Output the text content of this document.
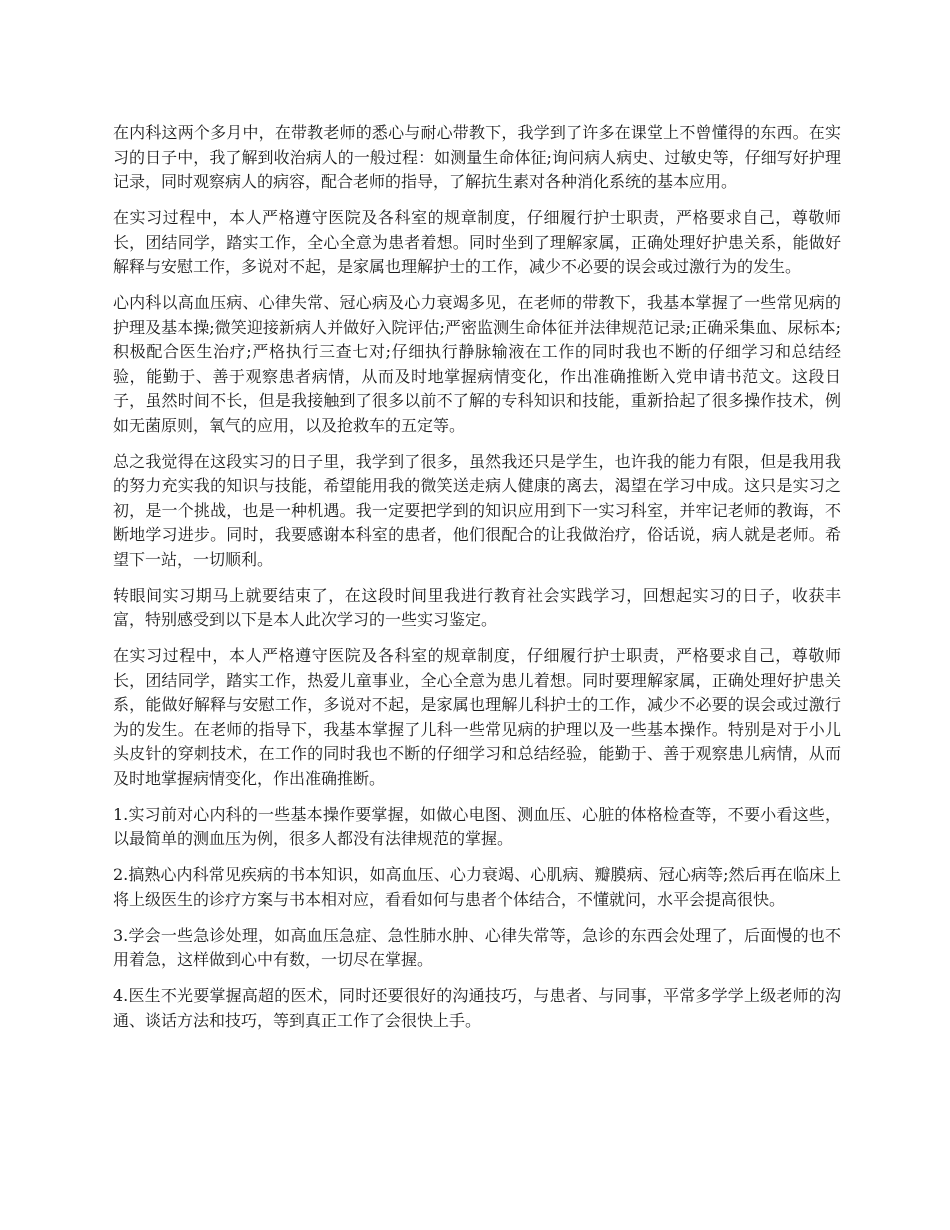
在内科这两个多月中，在带教老师的悉心与耐心带教下，我学到了许多在课堂上不曾懂得的东西。在实习的日子中，我了解到收治病人的一般过程：如测量生命体征;询问病人病史、过敏史等，仔细写好护理记录，同时观察病人的病容，配合老师的指导，了解抗生素对各种消化系统的基本应用。

在实习过程中，本人严格遵守医院及各科室的规章制度，仔细履行护士职责，严格要求自己，尊敬师长，团结同学，踏实工作，全心全意为患者着想。同时坐到了理解家属，正确处理好护患关系，能做好解释与安慰工作，多说对不起，是家属也理解护士的工作，减少不必要的误会或过激行为的发生。

心内科以高血压病、心律失常、冠心病及心力衰竭多见，在老师的带教下，我基本掌握了一些常见病的护理及基本操;微笑迎接新病人并做好入院评估;严密监测生命体征并法律规范记录;正确采集血、尿标本;积极配合医生治疗;严格执行三查七对;仔细执行静脉输液在工作的同时我也不断的仔细学习和总结经验，能勤于、善于观察患者病情，从而及时地掌握病情变化，作出准确推断入党申请书范文。这段日子，虽然时间不长，但是我接触到了很多以前不了解的专科知识和技能，重新拾起了很多操作技术，例如无菌原则，氧气的应用，以及抢救车的五定等。

总之我觉得在这段实习的日子里，我学到了很多，虽然我还只是学生，也许我的能力有限，但是我用我的努力充实我的知识与技能，希望能用我的微笑送走病人健康的离去，渴望在学习中成。这只是实习之初，是一个挑战，也是一种机遇。我一定要把学到的知识应用到下一实习科室，并牢记老师的教诲，不断地学习进步。同时，我要感谢本科室的患者，他们很配合的让我做治疗，俗话说，病人就是老师。希望下一站，一切顺利。

转眼间实习期马上就要结束了，在这段时间里我进行教育社会实践学习，回想起实习的日子，收获丰富，特别感受到以下是本人此次学习的一些实习鉴定。

在实习过程中，本人严格遵守医院及各科室的规章制度，仔细履行护士职责，严格要求自己，尊敬师长，团结同学，踏实工作，热爱儿童事业，全心全意为患儿着想。同时要理解家属，正确处理好护患关系，能做好解释与安慰工作，多说对不起，是家属也理解儿科护士的工作，减少不必要的误会或过激行为的发生。在老师的指导下，我基本掌握了儿科一些常见病的护理以及一些基本操作。特别是对于小儿头皮针的穿刺技术，在工作的同时我也不断的仔细学习和总结经验，能勤于、善于观察患儿病情，从而及时地掌握病情变化，作出准确推断。

1.实习前对心内科的一些基本操作要掌握，如做心电图、测血压、心脏的体格检查等，不要小看这些，以最简单的测血压为例，很多人都没有法律规范的掌握。

2.搞熟心内科常见疾病的书本知识，如高血压、心力衰竭、心肌病、瓣膜病、冠心病等;然后再在临床上将上级医生的诊疗方案与书本相对应，看看如何与患者个体结合，不懂就问，水平会提高很快。

3.学会一些急诊处理，如高血压急症、急性肺水肿、心律失常等，急诊的东西会处理了，后面慢的也不用着急，这样做到心中有数，一切尽在掌握。

4.医生不光要掌握高超的医术，同时还要很好的沟通技巧，与患者、与同事，平常多学学上级老师的沟通、谈话方法和技巧，等到真正工作了会很快上手。
